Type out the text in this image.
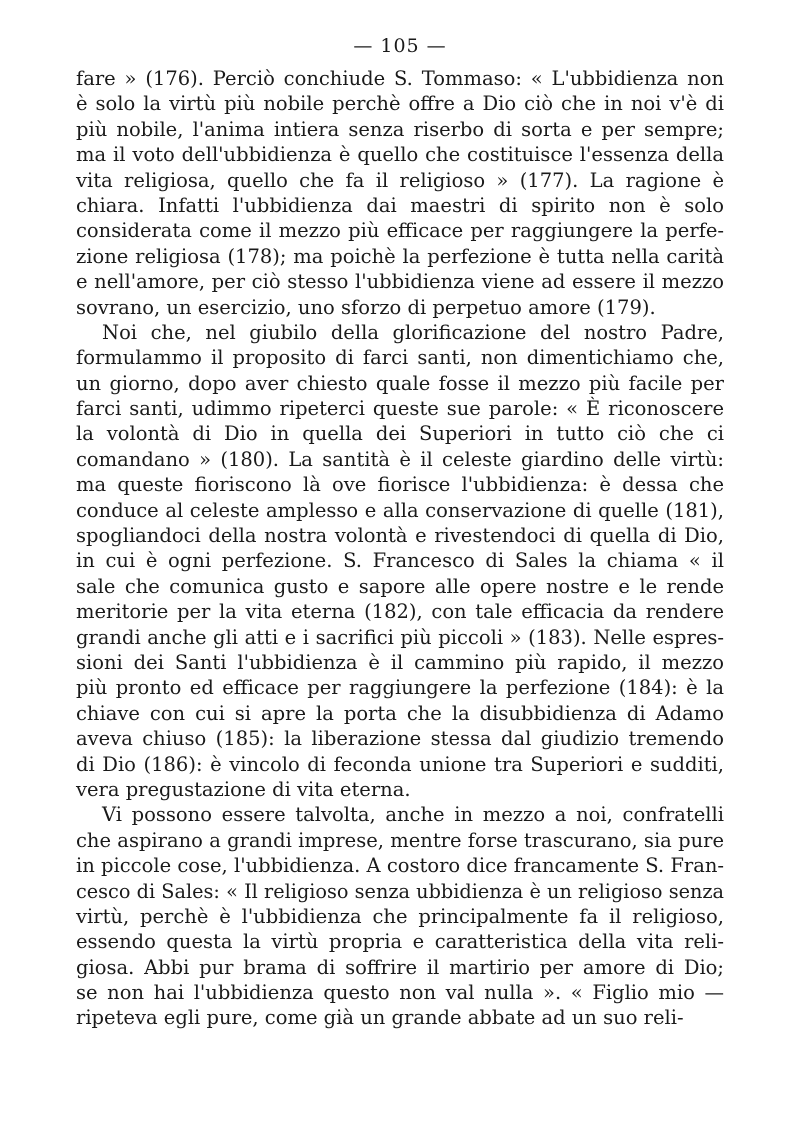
— 105 —
fare » (176). Perciò conchiude S. Tommaso: « L'ubbidienza non
è solo la virtù più nobile perchè offre a Dio ciò che in noi v'è di
più nobile, l'anima intiera senza riserbo di sorta e per sempre;
ma il voto dell'ubbidienza è quello che costituisce l'essenza della
vita religiosa, quello che fa il religioso » (177). La ragione è
chiara. Infatti l'ubbidienza dai maestri di spirito non è solo
considerata come il mezzo più efficace per raggiungere la perfe-
zione religiosa (178); ma poichè la perfezione è tutta nella carità
e nell'amore, per ciò stesso l'ubbidienza viene ad essere il mezzo
sovrano, un esercizio, uno sforzo di perpetuo amore (179).
Noi che, nel giubilo della glorificazione del nostro Padre,
formulammo il proposito di farci santi, non dimentichiamo che,
un giorno, dopo aver chiesto quale fosse il mezzo più facile per
farci santi, udimmo ripeterci queste sue parole: « È riconoscere
la volontà di Dio in quella dei Superiori in tutto ciò che ci
comandano » (180). La santità è il celeste giardino delle virtù:
ma queste fioriscono là ove fiorisce l'ubbidienza: è dessa che
conduce al celeste amplesso e alla conservazione di quelle (181),
spogliandoci della nostra volontà e rivestendoci di quella di Dio,
in cui è ogni perfezione. S. Francesco di Sales la chiama « il
sale che comunica gusto e sapore alle opere nostre e le rende
meritorie per la vita eterna (182), con tale efficacia da rendere
grandi anche gli atti e i sacrifici più piccoli » (183). Nelle espres-
sioni dei Santi l'ubbidienza è il cammino più rapido, il mezzo
più pronto ed efficace per raggiungere la perfezione (184): è la
chiave con cui si apre la porta che la disubbidienza di Adamo
aveva chiuso (185): la liberazione stessa dal giudizio tremendo
di Dio (186): è vincolo di feconda unione tra Superiori e sudditi,
vera pregustazione di vita eterna.
Vi possono essere talvolta, anche in mezzo a noi, confratelli
che aspirano a grandi imprese, mentre forse trascurano, sia pure
in piccole cose, l'ubbidienza. A costoro dice francamente S. Fran-
cesco di Sales: « Il religioso senza ubbidienza è un religioso senza
virtù, perchè è l'ubbidienza che principalmente fa il religioso,
essendo questa la virtù propria e caratteristica della vita reli-
giosa. Abbi pur brama di soffrire il martirio per amore di Dio;
se non hai l'ubbidienza questo non val nulla ». « Figlio mio —
ripeteva egli pure, come già un grande abbate ad un suo reli-
